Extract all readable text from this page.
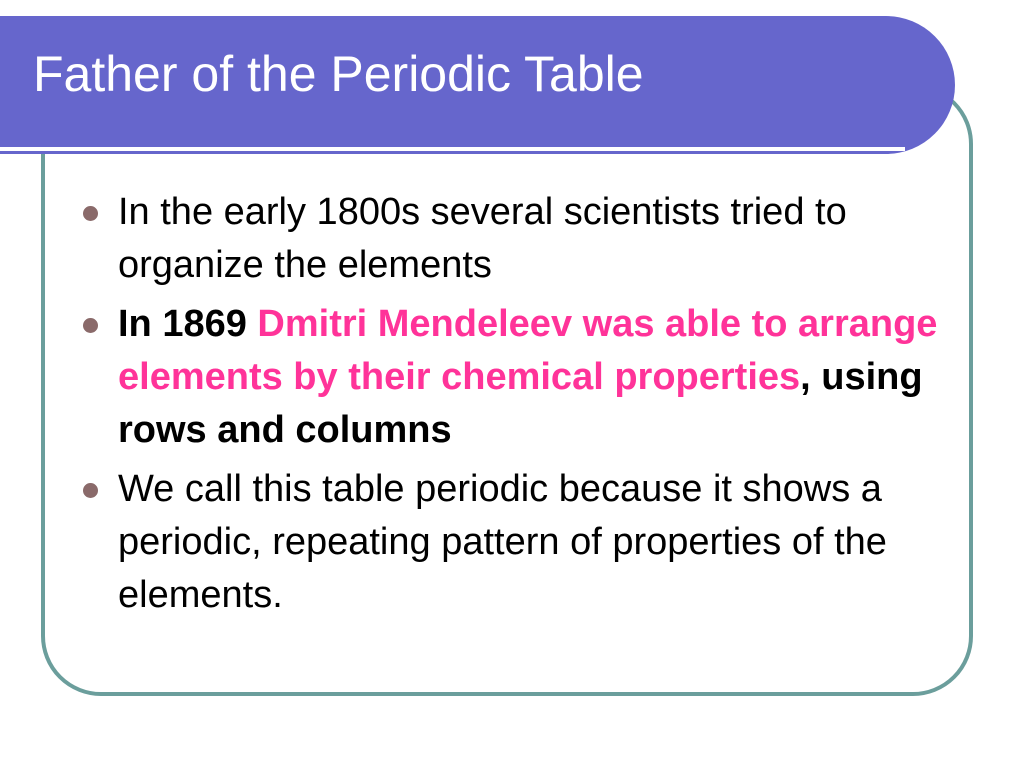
Father of the Periodic Table
In the early 1800s several scientists tried to organize the elements
In 1869 Dmitri Mendeleev was able to arrange elements by their chemical properties, using rows and columns
We call this table periodic because it shows a periodic, repeating pattern of properties of the elements.
